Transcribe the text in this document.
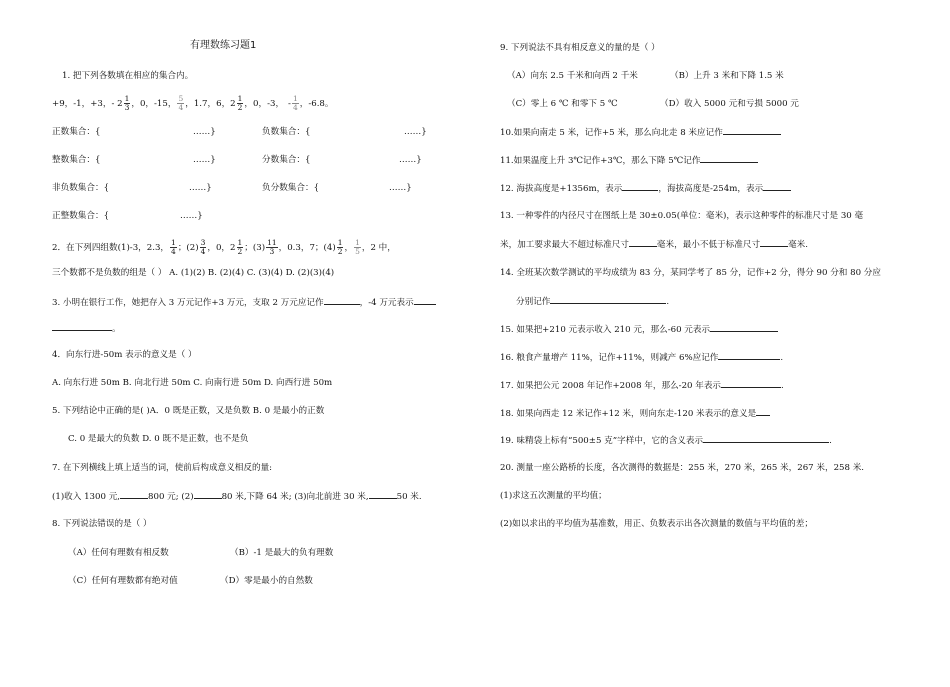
有理数练习题1
1. 把下列各数填在相应的集合内。
+9，-1，+3，- $2 \frac{1}{3}$ ，0，-15， $\frac{5}{4}$ ，1.7，6，$2 \frac{1}{2}$ ，0，-3， - $\frac{1}{4}$ ，-6.8。
正数集合：{	……}	负数集合：{	……}
整数集合：{	……}	分数集合：{	……}
非负数集合：{	……}	负分数集合：{	……}
正整数集合：{	……}
2．在下列四组数(1)-3，2.3， $\frac{1}{4}$ ；$(2) \frac{3}{4}$ ，0，$2 \frac{1}{2}$ ；$(3) \frac{11}{3}$ ，0.3，7；$(4) \frac{1}{2}$ ， $\frac{1}{5}$ ，2 中，
三个数都不是负数的组是（ ） A. (1)(2) B. (2)(4) C. (3)(4) D. (2)(3)(4)
3. 小明在银行工作，她把存入 3 万元记作+3 万元，支取 2 万元应记作	，-4 万元表示
。
4．向东行进-50m 表示的意义是（ ）
A. 向东行进 50m B. 向北行进 50m C. 向南行进 50m D. 向西行进 50m
5. 下列结论中正确的是( )A．0 既是正数，又是负数 B. 0 是最小的正数
C. 0 是最大的负数 D. 0 既不是正数，也不是负
7. 在下列横线上填上适当的词，使前后构成意义相反的量:
(1)收入 1300 元,	800 元; (2)	80 米,下降 64 米; (3)向北前进 30 米,	50 米.
8. 下列说法错误的是（ ）
（A）任何有理数有相反数	（B）-1 是最大的负有理数
（C）任何有理数都有绝对值	（D）零是最小的自然数
9. 下列说法不具有相反意义的量的是（ ）
（A）向东 2.5 千米和向西 2 千米	（B）上升 3 米和下降 1.5 米
（C）零上 6 ℃ 和零下 5 ℃	（D）收入 5000 元和亏损 5000 元
10.如果向南走 5 米，记作+5 米，那么向北走 8 米应记作
11.如果温度上升 3℃记作+3℃，那么下降 5℃记作
12. 海拔高度是+1356m，表示	，海拔高度是-254m，表示
13. 一种零件的内径尺寸在图纸上是 30±0.05(单位：毫米)，表示这种零件的标准尺寸是 30 毫
米，加工要求最大不超过标准尺寸	毫米，最小不低于标准尺寸	毫米.
14. 全班某次数学测试的平均成绩为 83 分，某同学考了 85 分，记作+2 分，得分 90 分和 80 分应
分别记作	.
15. 如果把+210 元表示收入 210 元，那么-60 元表示
16. 粮食产量增产 11%，记作+11%，则减产 6%应记作	.
17. 如果把公元 2008 年记作+2008 年，那么-20 年表示	.
18. 如果向西走 12 米记作+12 米，则向东走-120 米表示的意义是
19. 味精袋上标有“500±5 克”字样中，它的含义表示	.
20. 测量一座公路桥的长度，各次测得的数据是：255 米，270 米，265 米，267 米，258 米.
(1)求这五次测量的平均值；
(2)如以求出的平均值为基准数，用正、负数表示出各次测量的数值与平均值的差；
